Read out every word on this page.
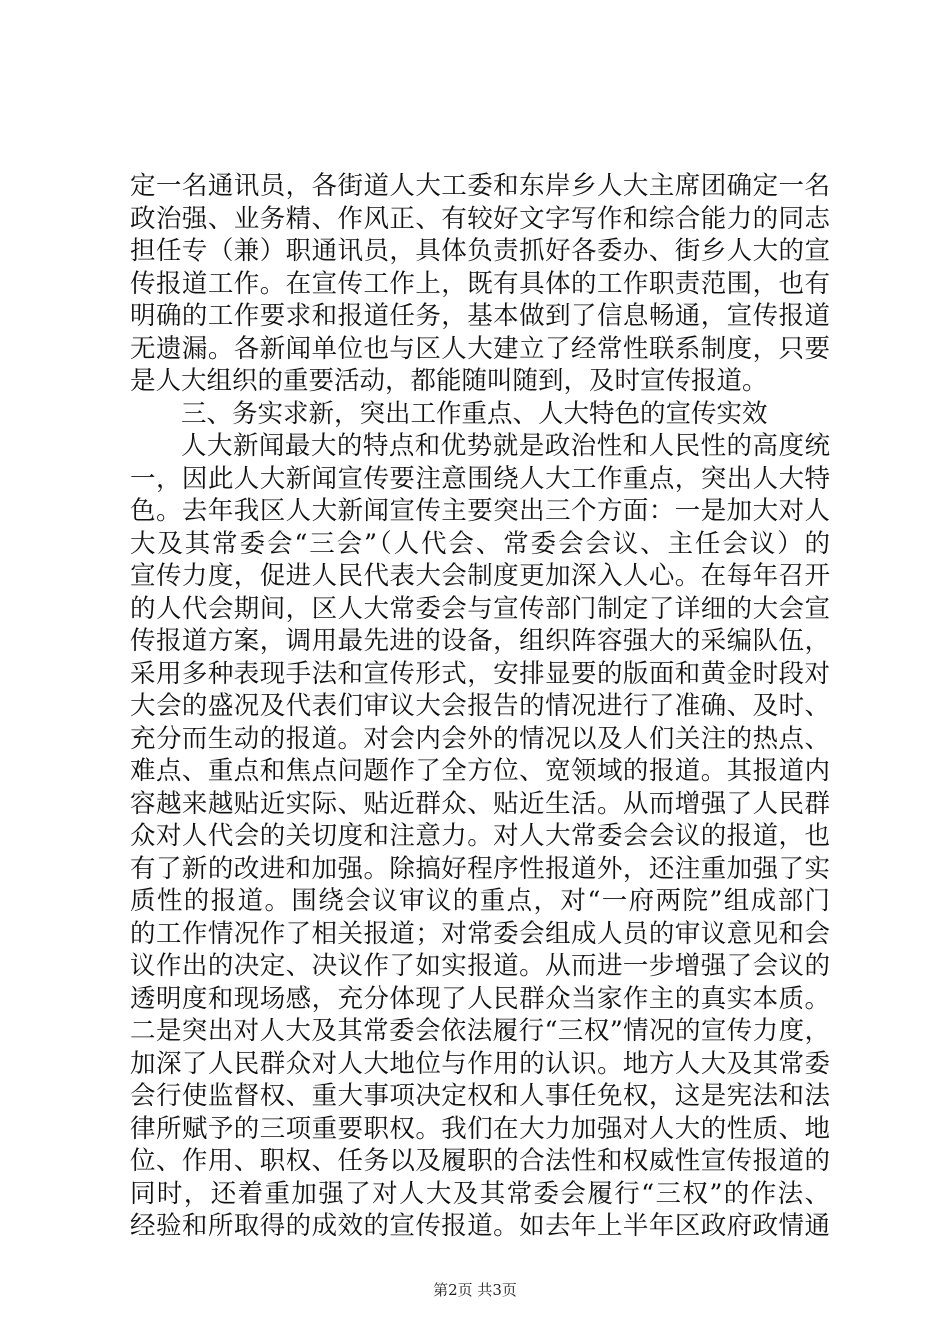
定一名通讯员，各街道人大工委和东岸乡人大主席团确定一名
政治强、业务精、作风正、有较好文字写作和综合能力的同志
担任专（兼）职通讯员，具体负责抓好各委办、街乡人大的宣
传报道工作。在宣传工作上，既有具体的工作职责范围，也有
明确的工作要求和报道任务，基本做到了信息畅通，宣传报道
无遗漏。各新闻单位也与区人大建立了经常性联系制度，只要
是人大组织的重要活动，都能随叫随到，及时宣传报道。
三、务实求新，突出工作重点、人大特色的宣传实效
人大新闻最大的特点和优势就是政治性和人民性的高度统
一，因此人大新闻宣传要注意围绕人大工作重点，突出人大特
色。去年我区人大新闻宣传主要突出三个方面：一是加大对人
大及其常委会“三会”（人代会、常委会会议、主任会议）的
宣传力度，促进人民代表大会制度更加深入人心。在每年召开
的人代会期间，区人大常委会与宣传部门制定了详细的大会宣
传报道方案，调用最先进的设备，组织阵容强大的采编队伍，
采用多种表现手法和宣传形式，安排显要的版面和黄金时段对
大会的盛况及代表们审议大会报告的情况进行了准确、及时、
充分而生动的报道。对会内会外的情况以及人们关注的热点、
难点、重点和焦点问题作了全方位、宽领域的报道。其报道内
容越来越贴近实际、贴近群众、贴近生活。从而增强了人民群
众对人代会的关切度和注意力。对人大常委会会议的报道，也
有了新的改进和加强。除搞好程序性报道外，还注重加强了实
质性的报道。围绕会议审议的重点，对“一府两院”组成部门
的工作情况作了相关报道；对常委会组成人员的审议意见和会
议作出的决定、决议作了如实报道。从而进一步增强了会议的
透明度和现场感，充分体现了人民群众当家作主的真实本质。
二是突出对人大及其常委会依法履行“三权”情况的宣传力度，
加深了人民群众对人大地位与作用的认识。地方人大及其常委
会行使监督权、重大事项决定权和人事任免权，这是宪法和法
律所赋予的三项重要职权。我们在大力加强对人大的性质、地
位、作用、职权、任务以及履职的合法性和权威性宣传报道的
同时，还着重加强了对人大及其常委会履行“三权”的作法、
经验和所取得的成效的宣传报道。如去年上半年区政府政情通
第2页 共3页
